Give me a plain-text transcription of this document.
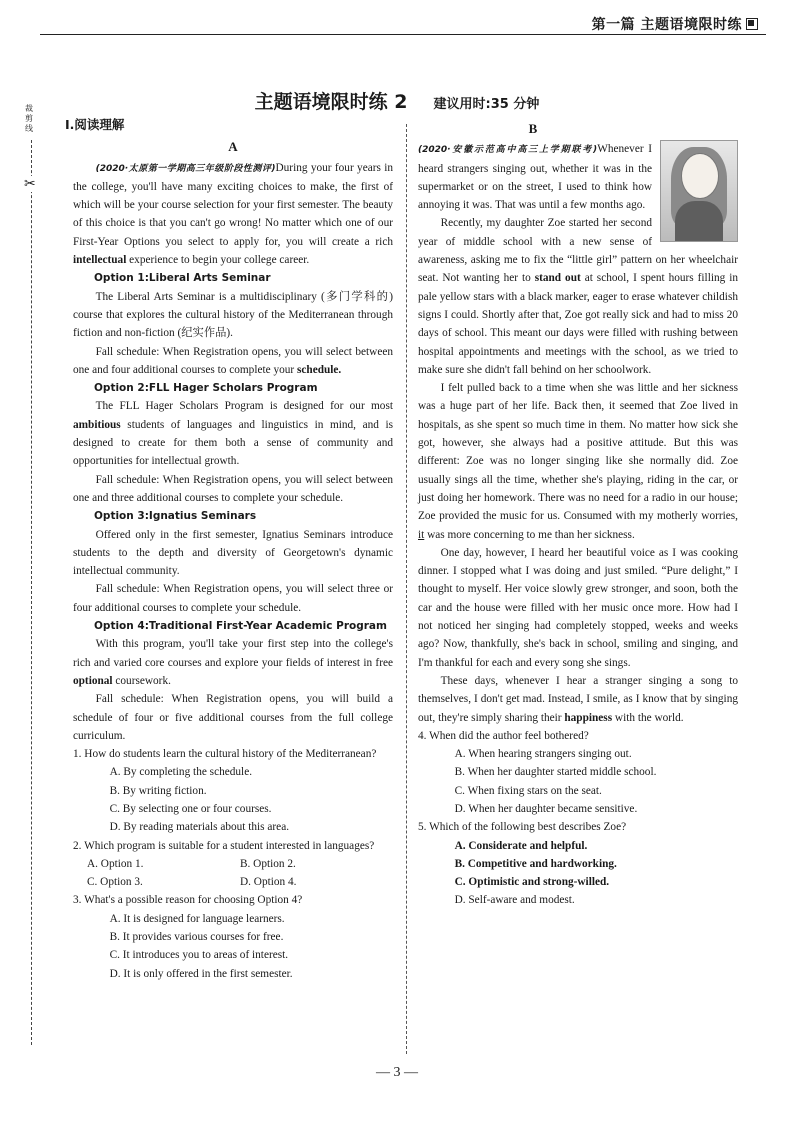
第一篇 主题语境限时练
主题语境限时练 2 建议用时:35 分钟
裁剪线
✂
Ⅰ.阅读理解
A

(2020·太原第一学期高三年级阶段性测评)During your four years in the college, you'll have many exciting choices to make, the first of which will be your course selection for your first semester. The beauty of this choice is that you can't go wrong! No matter which one of our First-Year Options you select to apply for, you will create a rich intellectual experience to begin your college career.

Option 1:Liberal Arts Seminar

The Liberal Arts Seminar is a multidisciplinary (多门学科的) course that explores the cultural history of the Mediterranean through fiction and non-fiction (纪实作品).

Fall schedule: When Registration opens, you will select between one and four additional courses to complete your schedule.

Option 2:FLL Hager Scholars Program

The FLL Hager Scholars Program is designed for our most ambitious students of languages and linguistics in mind, and is designed to create for them both a sense of community and opportunities for intellectual growth.

Fall schedule: When Registration opens, you will select between one and three additional courses to complete your schedule.

Option 3:Ignatius Seminars

Offered only in the first semester, Ignatius Seminars introduce students to the depth and diversity of Georgetown's dynamic intellectual community.

Fall schedule: When Registration opens, you will select three or four additional courses to complete your schedule.

Option 4:Traditional First-Year Academic Program

With this program, you'll take your first step into the college's rich and varied core courses and explore your fields of interest in free optional coursework.

Fall schedule: When Registration opens, you will build a schedule of four or five additional courses from the full college curriculum.

1. How do students learn the cultural history of the Mediterranean?

A. By completing the schedule.

B. By writing fiction.

C. By selecting one or four courses.

D. By reading materials about this area.

2. Which program is suitable for a student interested in languages?

A. Option 1.	B. Option 2.
C. Option 3.	D. Option 4.

3. What's a possible reason for choosing Option 4?

A. It is designed for language learners.

B. It provides various courses for free.

C. It introduces you to areas of interest.

D. It is only offered in the first semester.

B

(2020·安徽示范高中高三上学期联考)Whenever I heard strangers singing out, whether it was in the supermarket or on the street, I used to think how annoying it was. That was until a few months ago.

Recently, my daughter Zoe started her second year of middle school with a new sense of awareness, asking me to fix the “little girl” pattern on her wheelchair seat. Not wanting her to stand out at school, I spent hours filling in pale yellow stars with a black marker, eager to erase whatever childish signs I could. Shortly after that, Zoe got really sick and had to miss 20 days of school. This meant our days were filled with rushing between hospital appointments and meetings with the school, as we tried to make sure she didn't fall behind on her schoolwork.

I felt pulled back to a time when she was little and her sickness was a huge part of her life. Back then, it seemed that Zoe lived in hospitals, as she spent so much time in them. No matter how sick she got, however, she always had a positive attitude. But this was different: Zoe was no longer singing like she normally did. Zoe usually sings all the time, whether she's playing, riding in the car, or just doing her homework. There was no need for a radio in our house; Zoe provided the music for us. Consumed with my motherly worries, it was more concerning to me than her sickness.

One day, however, I heard her beautiful voice as I was cooking dinner. I stopped what I was doing and just smiled. “Pure delight,” I thought to myself. Her voice slowly grew stronger, and soon, both the car and the house were filled with her music once more. How had I not noticed her singing had completely stopped, weeks and weeks ago? Now, thankfully, she's back in school, smiling and singing, and I'm thankful for each and every song she sings.

These days, whenever I hear a stranger singing a song to themselves, I don't get mad. Instead, I smile, as I know that by singing out, they're simply sharing their happiness with the world.

4. When did the author feel bothered?

A. When hearing strangers singing out.

B. When her daughter started middle school.

C. When fixing stars on the seat.

D. When her daughter became sensitive.

5. Which of the following best describes Zoe?

A. Considerate and helpful.

B. Competitive and hardworking.

C. Optimistic and strong-willed.

D. Self-aware and modest.

— 3 —
